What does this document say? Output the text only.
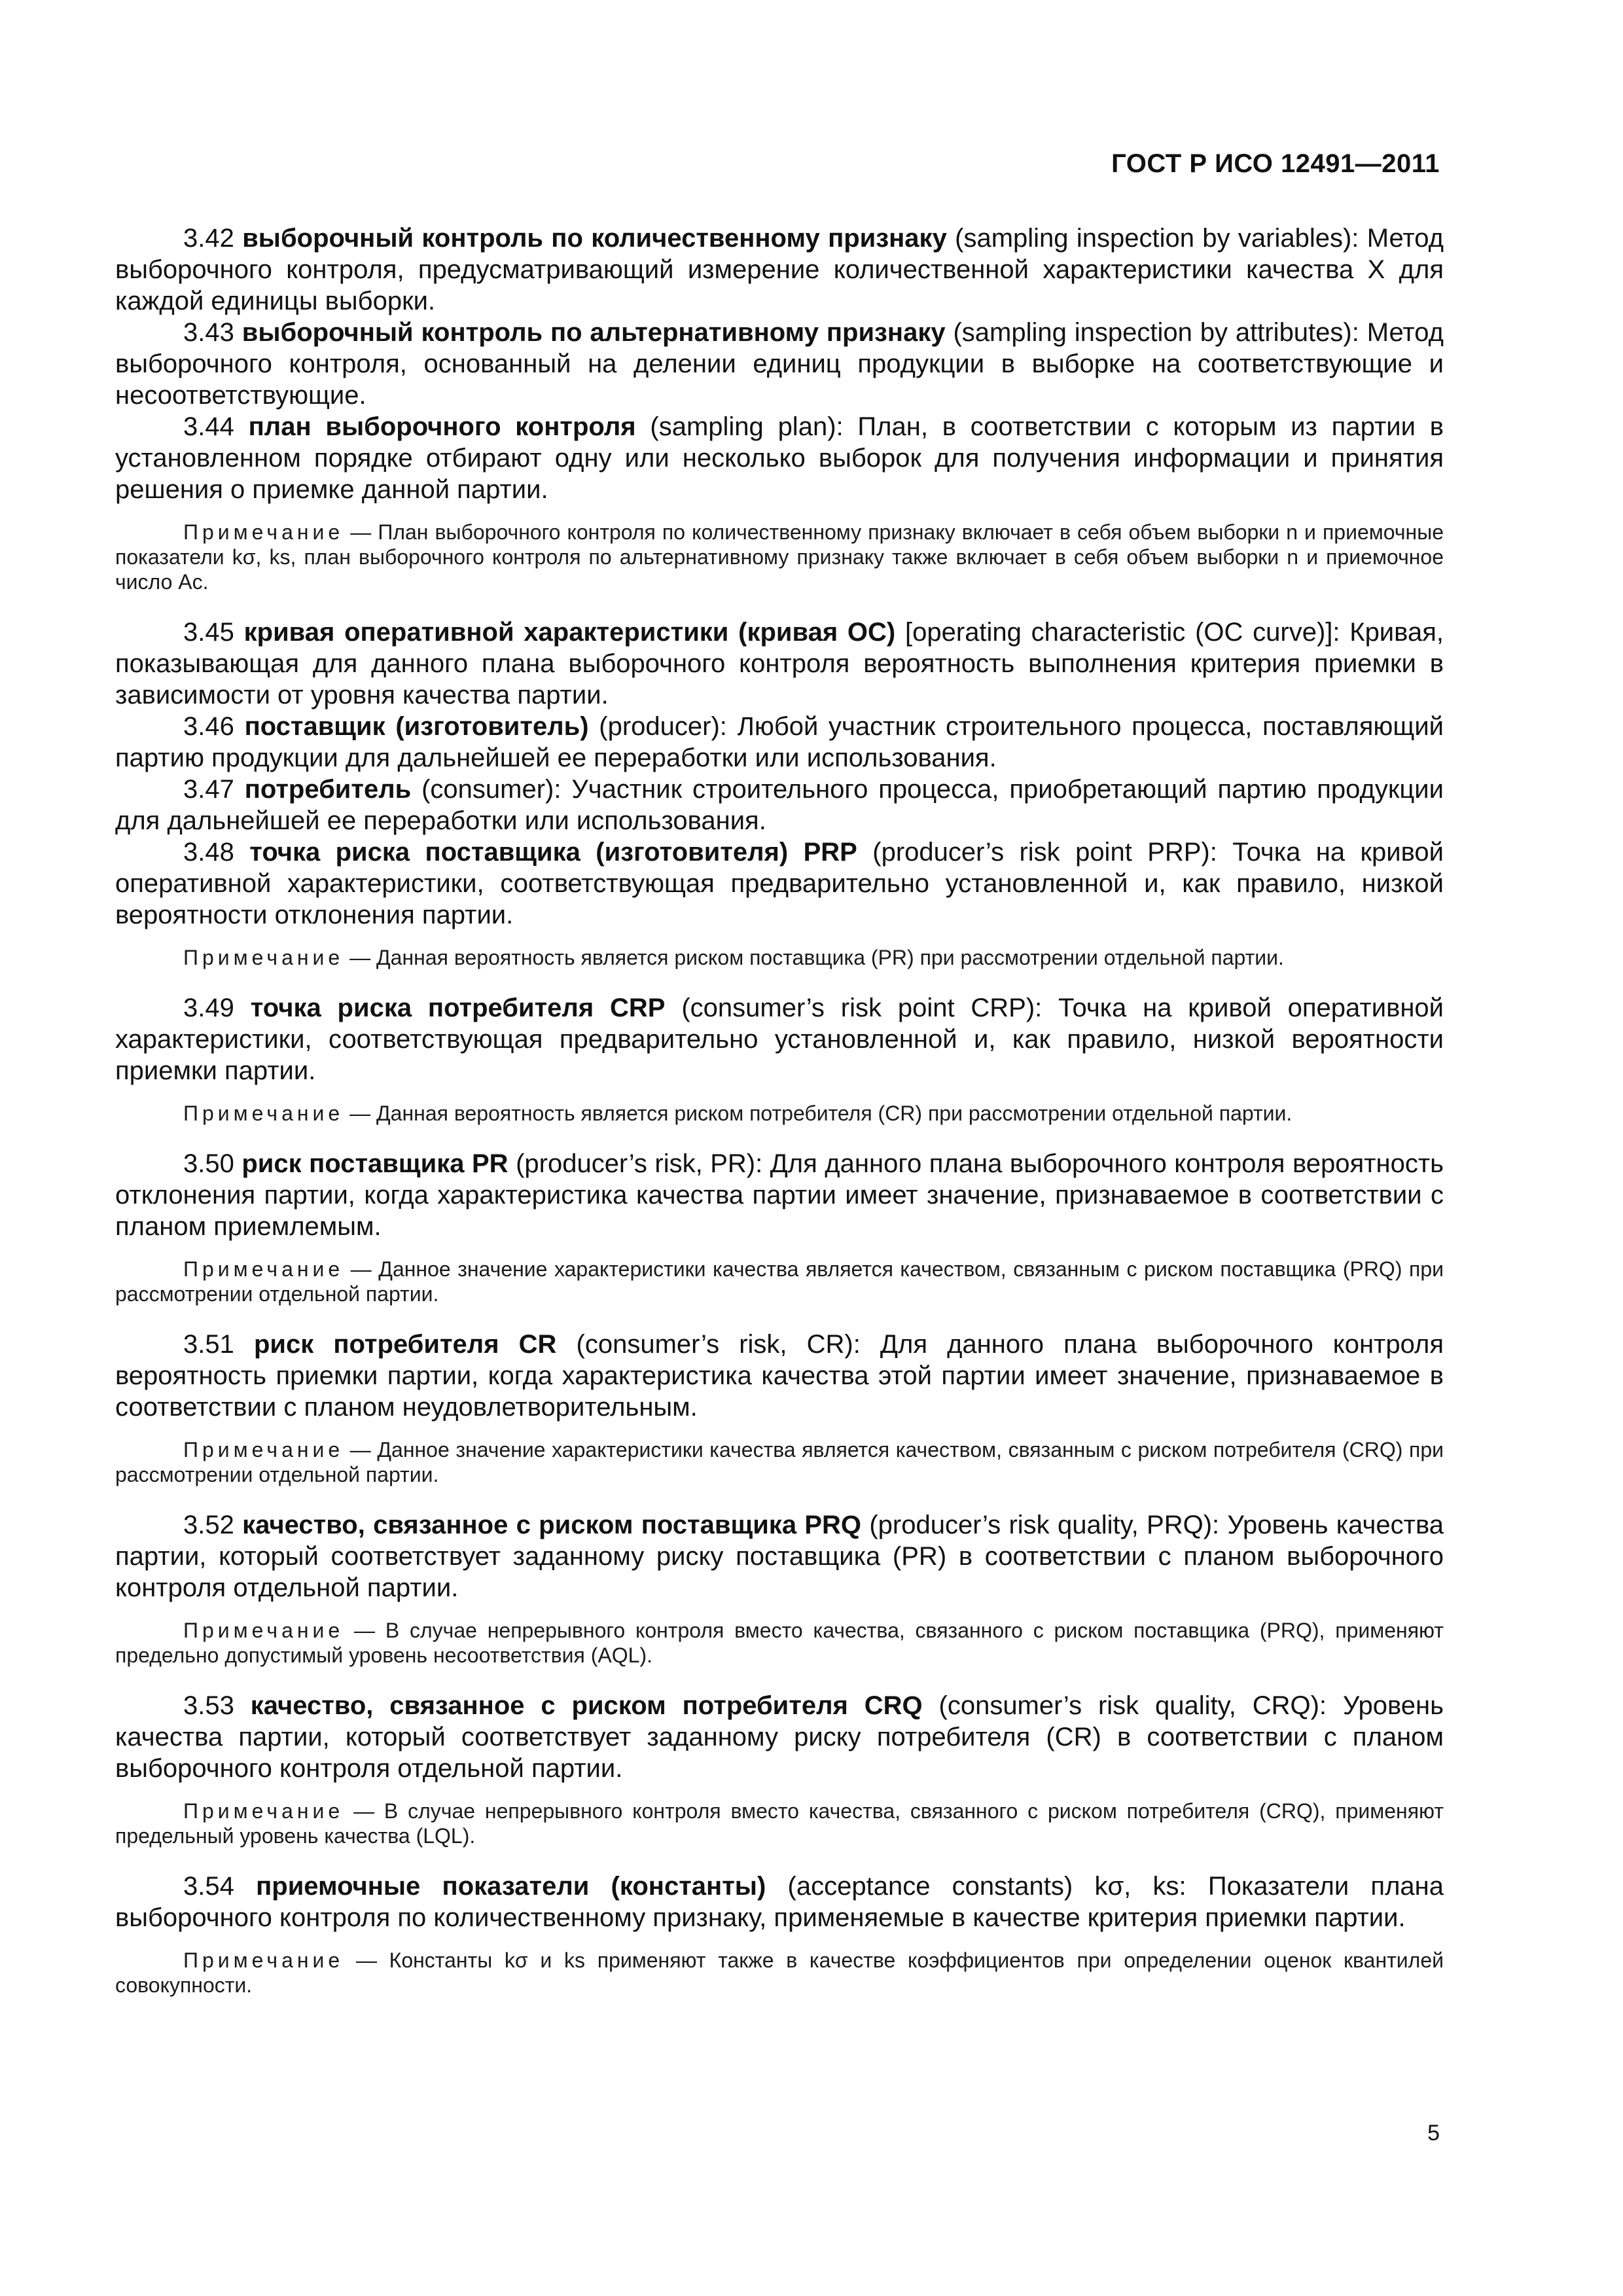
ГОСТ Р ИСО 12491—2011

3.42 выборочный контроль по количественному признаку (sampling inspection by variables): Метод выборочного контроля, предусматривающий измерение количественной характеристики качества X для каждой единицы выборки.

3.43 выборочный контроль по альтернативному признаку (sampling inspection by attributes): Метод выборочного контроля, основанный на делении единиц продукции в выборке на соответствующие и несоответствующие.

3.44 план выборочного контроля (sampling plan): План, в соответствии с которым из партии в установленном порядке отбирают одну или несколько выборок для получения информации и принятия решения о приемке данной партии.

Примечание — План выборочного контроля по количественному признаку включает в себя объем выборки n и приемочные показатели kσ, ks, план выборочного контроля по альтернативному признаку также включает в себя объем выборки n и приемочное число Ac.

3.45 кривая оперативной характеристики (кривая ОС) [operating characteristic (OC curve)]: Кривая, показывающая для данного плана выборочного контроля вероятность выполнения критерия приемки в зависимости от уровня качества партии.

3.46 поставщик (изготовитель) (producer): Любой участник строительного процесса, поставляющий партию продукции для дальнейшей ее переработки или использования.

3.47 потребитель (consumer): Участник строительного процесса, приобретающий партию продукции для дальнейшей ее переработки или использования.

3.48 точка риска поставщика (изготовителя) PRP (producer’s risk point PRP): Точка на кривой оперативной характеристики, соответствующая предварительно установленной и, как правило, низкой вероятности отклонения партии.

Примечание — Данная вероятность является риском поставщика (PR) при рассмотрении отдельной партии.

3.49 точка риска потребителя CRP (consumer’s risk point CRP): Точка на кривой оперативной характеристики, соответствующая предварительно установленной и, как правило, низкой вероятности приемки партии.

Примечание — Данная вероятность является риском потребителя (CR) при рассмотрении отдельной партии.

3.50 риск поставщика PR (producer’s risk, PR): Для данного плана выборочного контроля вероятность отклонения партии, когда характеристика качества партии имеет значение, признаваемое в соответствии с планом приемлемым.

Примечание — Данное значение характеристики качества является качеством, связанным с риском поставщика (PRQ) при рассмотрении отдельной партии.

3.51 риск потребителя CR (consumer’s risk, CR): Для данного плана выборочного контроля вероятность приемки партии, когда характеристика качества этой партии имеет значение, признаваемое в соответствии с планом неудовлетворительным.

Примечание — Данное значение характеристики качества является качеством, связанным с риском потребителя (CRQ) при рассмотрении отдельной партии.

3.52 качество, связанное с риском поставщика PRQ (producer’s risk quality, PRQ): Уровень качества партии, который соответствует заданному риску поставщика (PR) в соответствии с планом выборочного контроля отдельной партии.

Примечание — В случае непрерывного контроля вместо качества, связанного с риском поставщика (PRQ), применяют предельно допустимый уровень несоответствия (AQL).

3.53 качество, связанное с риском потребителя CRQ (consumer’s risk quality, CRQ): Уровень качества партии, который соответствует заданному риску потребителя (CR) в соответствии с планом выборочного контроля отдельной партии.

Примечание — В случае непрерывного контроля вместо качества, связанного с риском потребителя (CRQ), применяют предельный уровень качества (LQL).

3.54 приемочные показатели (константы) (acceptance constants) kσ, ks: Показатели плана выборочного контроля по количественному признаку, применяемые в качестве критерия приемки партии.

Примечание — Константы kσ и ks применяют также в качестве коэффициентов при определении оценок квантилей совокупности.

5
